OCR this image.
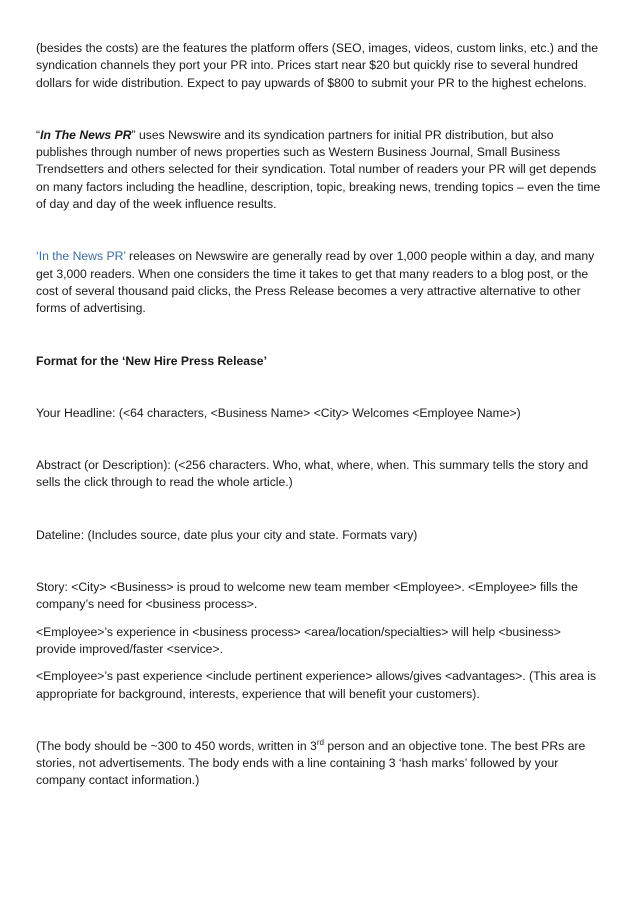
(besides the costs) are the features the platform offers (SEO, images, videos, custom links, etc.) and the syndication channels they port your PR into. Prices start near $20 but quickly rise to several hundred dollars for wide distribution. Expect to pay upwards of $800 to submit your PR to the highest echelons.

“In The News PR” uses Newswire and its syndication partners for initial PR distribution, but also publishes through number of news properties such as Western Business Journal, Small Business Trendsetters and others selected for their syndication. Total number of readers your PR will get depends on many factors including the headline, description, topic, breaking news, trending topics – even the time of day and day of the week influence results.

‘In the News PR’ releases on Newswire are generally read by over 1,000 people within a day, and many get 3,000 readers. When one considers the time it takes to get that many readers to a blog post, or the cost of several thousand paid clicks, the Press Release becomes a very attractive alternative to other forms of advertising.

Format for the ‘New Hire Press Release’

Your Headline: (<64 characters, <Business Name> <City> Welcomes <Employee Name>)

Abstract (or Description): (<256 characters. Who, what, where, when. This summary tells the story and sells the click through to read the whole article.)

Dateline: (Includes source, date plus your city and state. Formats vary)

Story: <City> <Business> is proud to welcome new team member <Employee>. <Employee> fills the company’s need for <business process>.

<Employee>’s experience in <business process> <area/location/specialties> will help <business> provide improved/faster <service>.

<Employee>’s past experience <include pertinent experience> allows/gives <advantages>. (This area is appropriate for background, interests, experience that will benefit your customers).

(The body should be ~300 to 450 words, written in 3rd person and an objective tone. The best PRs are stories, not advertisements. The body ends with a line containing 3 ‘hash marks’ followed by your company contact information.)
